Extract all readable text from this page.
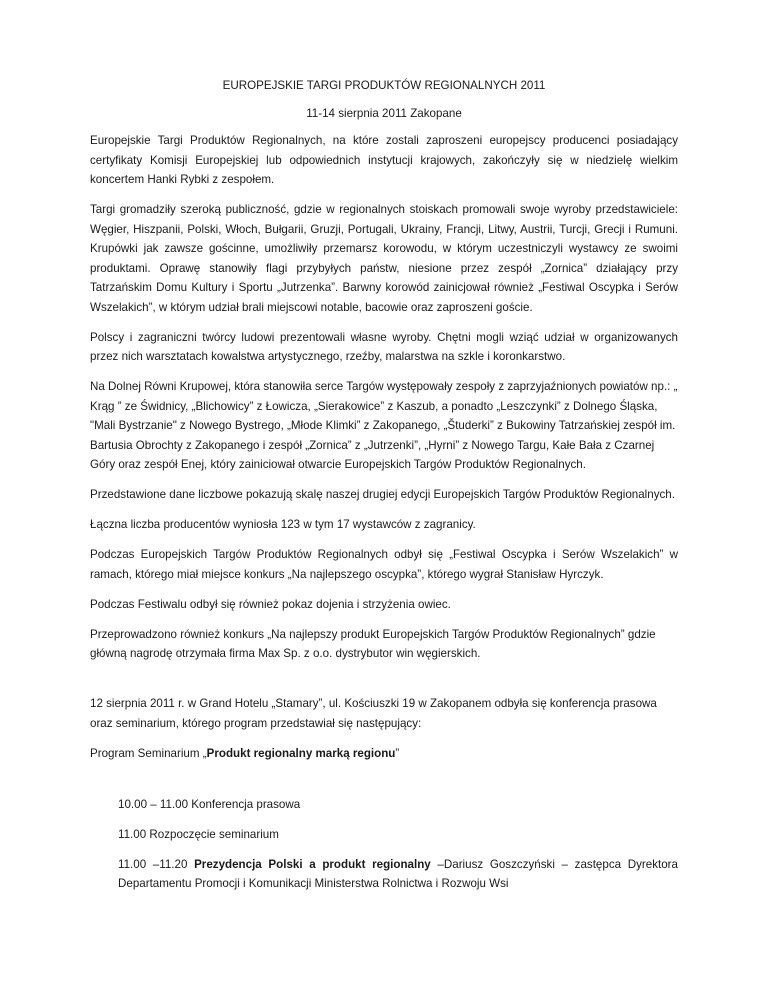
EUROPEJSKIE TARGI PRODUKTÓW REGIONALNYCH 2011

11-14 sierpnia 2011 Zakopane

Europejskie Targi Produktów Regionalnych, na które zostali zaproszeni europejscy producenci posiadający certyfikaty Komisji Europejskiej lub odpowiednich instytucji krajowych, zakończyły się w niedzielę wielkim koncertem Hanki Rybki z zespołem.

Targi gromadziły szeroką publiczność, gdzie w regionalnych stoiskach promowali swoje wyroby przedstawiciele: Węgier, Hiszpanii, Polski, Włoch, Bułgarii, Gruzji, Portugali, Ukrainy, Francji, Litwy, Austrii, Turcji, Grecji i Rumuni. Krupówki jak zawsze gościnne, umożliwiły przemarsz korowodu, w którym uczestniczyli wystawcy ze swoimi produktami. Oprawę stanowiły flagi przybyłych państw, niesione przez zespół „Zornica” działający przy Tatrzańskim Domu Kultury i Sportu „Jutrzenka”. Barwny korowód zainicjował również „Festiwal Oscypka i Serów Wszelakich”, w którym udział brali miejscowi notable, bacowie oraz zaproszeni goście.

Polscy i zagraniczni twórcy ludowi prezentowali własne wyroby. Chętni mogli wziąć udział w organizowanych przez nich warsztatach kowalstwa artystycznego, rzeźby, malarstwa na szkle i koronkarstwo.

Na Dolnej Równi Krupowej, która stanowiła serce Targów występowały zespoły z zaprzyjaźnionych powiatów np.: „ Krąg ” ze Świdnicy, „Blichowicy” z Łowicza, „Sierakowice” z Kaszub, a ponadto „Leszczynki” z Dolnego Śląska, "Mali Bystrzanie" z Nowego Bystrego, „Młode Klimki” z Zakopanego, „Študerki” z Bukowiny Tatrzańskiej zespół im. Bartusia Obrochty z Zakopanego i zespół „Zornica” z „Jutrzenki”, „Hyrni” z Nowego Targu, Kałe Bała z Czarnej Góry oraz zespół Enej, który zainiciował otwarcie Europejskich Targów Produktów Regionalnych.

Przedstawione dane liczbowe pokazują skalę naszej drugiej edycji Europejskich Targów Produktów Regionalnych.

Łączna liczba producentów wyniosła 123 w tym 17 wystawców z zagranicy.

Podczas Europejskich Targów Produktów Regionalnych odbył się „Festiwal Oscypka i Serów Wszelakich” w ramach, którego miał miejsce konkurs „Na najlepszego oscypka”, którego wygrał Stanisław Hyrczyk.

Podczas Festiwalu odbył się również pokaz dojenia i strzyżenia owiec.

Przeprowadzono również konkurs „Na najlepszy produkt Europejskich Targów Produktów Regionalnych” gdzie główną nagrodę otrzymała firma Max Sp. z o.o. dystrybutor win węgierskich.

12 sierpnia 2011 r. w Grand Hotelu „Stamary”, ul. Kościuszki 19 w Zakopanem odbyła się konferencja prasowa oraz seminarium, którego program przedstawiał się następujący:

Program Seminarium „Produkt regionalny marką regionu”

10.00 – 11.00 Konferencja prasowa

11.00 Rozpoczęcie seminarium

11.00 –11.20 Prezydencja Polski a produkt regionalny –Dariusz Goszczyński – zastępca Dyrektora Departamentu Promocji i Komunikacji Ministerstwa Rolnictwa i Rozwoju Wsi
